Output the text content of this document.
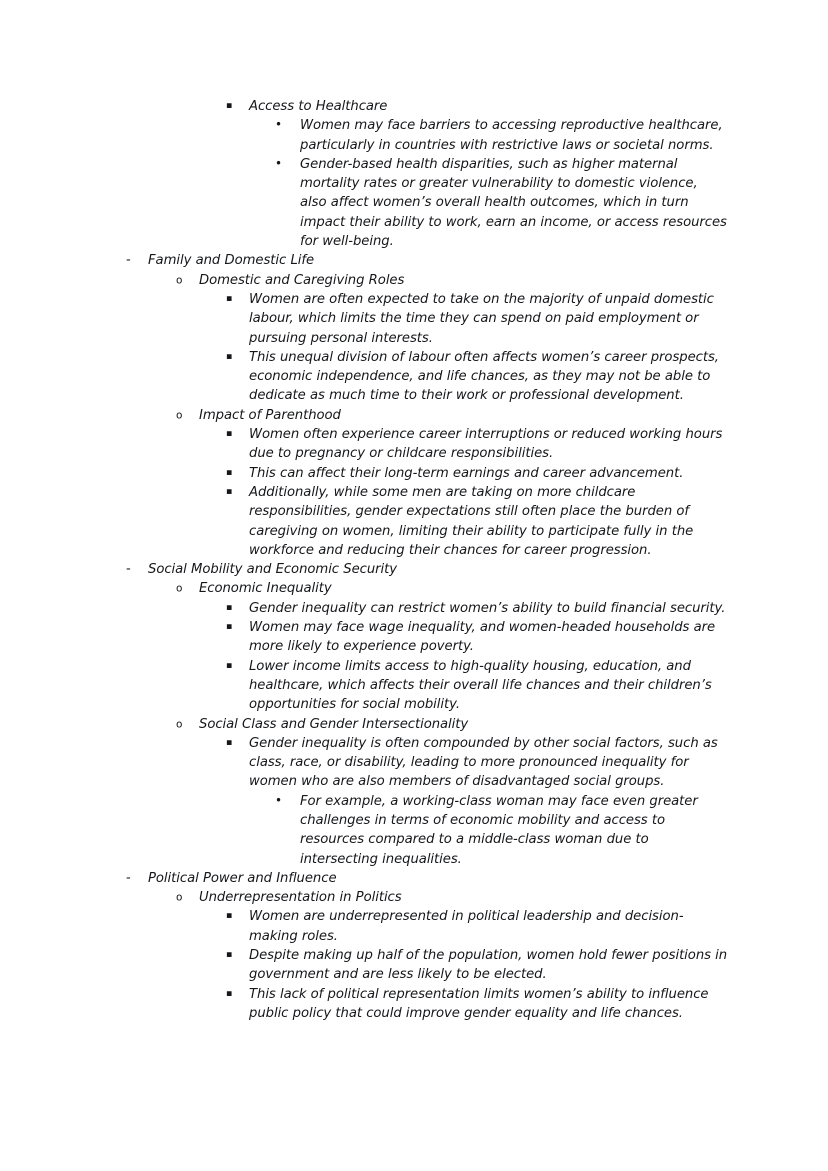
▪	Access to Healthcare
•	Women may face barriers to accessing reproductive healthcare, particularly in countries with restrictive laws or societal norms.
•	Gender-based health disparities, such as higher maternal mortality rates or greater vulnerability to domestic violence, also affect women’s overall health outcomes, which in turn impact their ability to work, earn an income, or access resources for well-being.
-	Family and Domestic Life
o	Domestic and Caregiving Roles
▪	Women are often expected to take on the majority of unpaid domestic labour, which limits the time they can spend on paid employment or pursuing personal interests.
▪	This unequal division of labour often affects women’s career prospects, economic independence, and life chances, as they may not be able to dedicate as much time to their work or professional development.
o	Impact of Parenthood
▪	Women often experience career interruptions or reduced working hours due to pregnancy or childcare responsibilities.
▪	This can affect their long-term earnings and career advancement.
▪	Additionally, while some men are taking on more childcare responsibilities, gender expectations still often place the burden of caregiving on women, limiting their ability to participate fully in the workforce and reducing their chances for career progression.
-	Social Mobility and Economic Security
o	Economic Inequality
▪	Gender inequality can restrict women’s ability to build financial security.
▪	Women may face wage inequality, and women-headed households are more likely to experience poverty.
▪	Lower income limits access to high-quality housing, education, and healthcare, which affects their overall life chances and their children’s opportunities for social mobility.
o	Social Class and Gender Intersectionality
▪	Gender inequality is often compounded by other social factors, such as class, race, or disability, leading to more pronounced inequality for women who are also members of disadvantaged social groups.
•	For example, a working-class woman may face even greater challenges in terms of economic mobility and access to resources compared to a middle-class woman due to intersecting inequalities.
-	Political Power and Influence
o	Underrepresentation in Politics
▪	Women are underrepresented in political leadership and decision-making roles.
▪	Despite making up half of the population, women hold fewer positions in government and are less likely to be elected.
▪	This lack of political representation limits women’s ability to influence public policy that could improve gender equality and life chances.
